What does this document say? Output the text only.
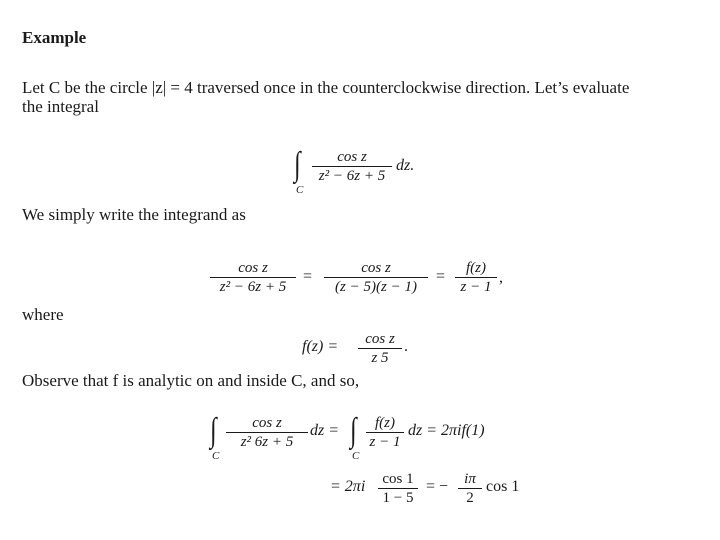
Example
Let C be the circle |z| = 4 traversed once in the counterclockwise direction. Let’s evaluate
the integral
∫
C
cos z
z² − 6z + 5
dz.
We simply write the integrand as
cos z
z² − 6z + 5
=	cos z
(z − 5)(z − 1)
=	f(z)
z − 1
,
where
f(z) =	cos z
z 5
.
Observe that f is analytic on and inside C, and so,
∫
C
cos z
z² 6z + 5
dz = ∫
C
f(z)
z − 1
dz = 2πif(1)
= 2πi cos 1
1 − 5
= −	iπ
2
cos 1
